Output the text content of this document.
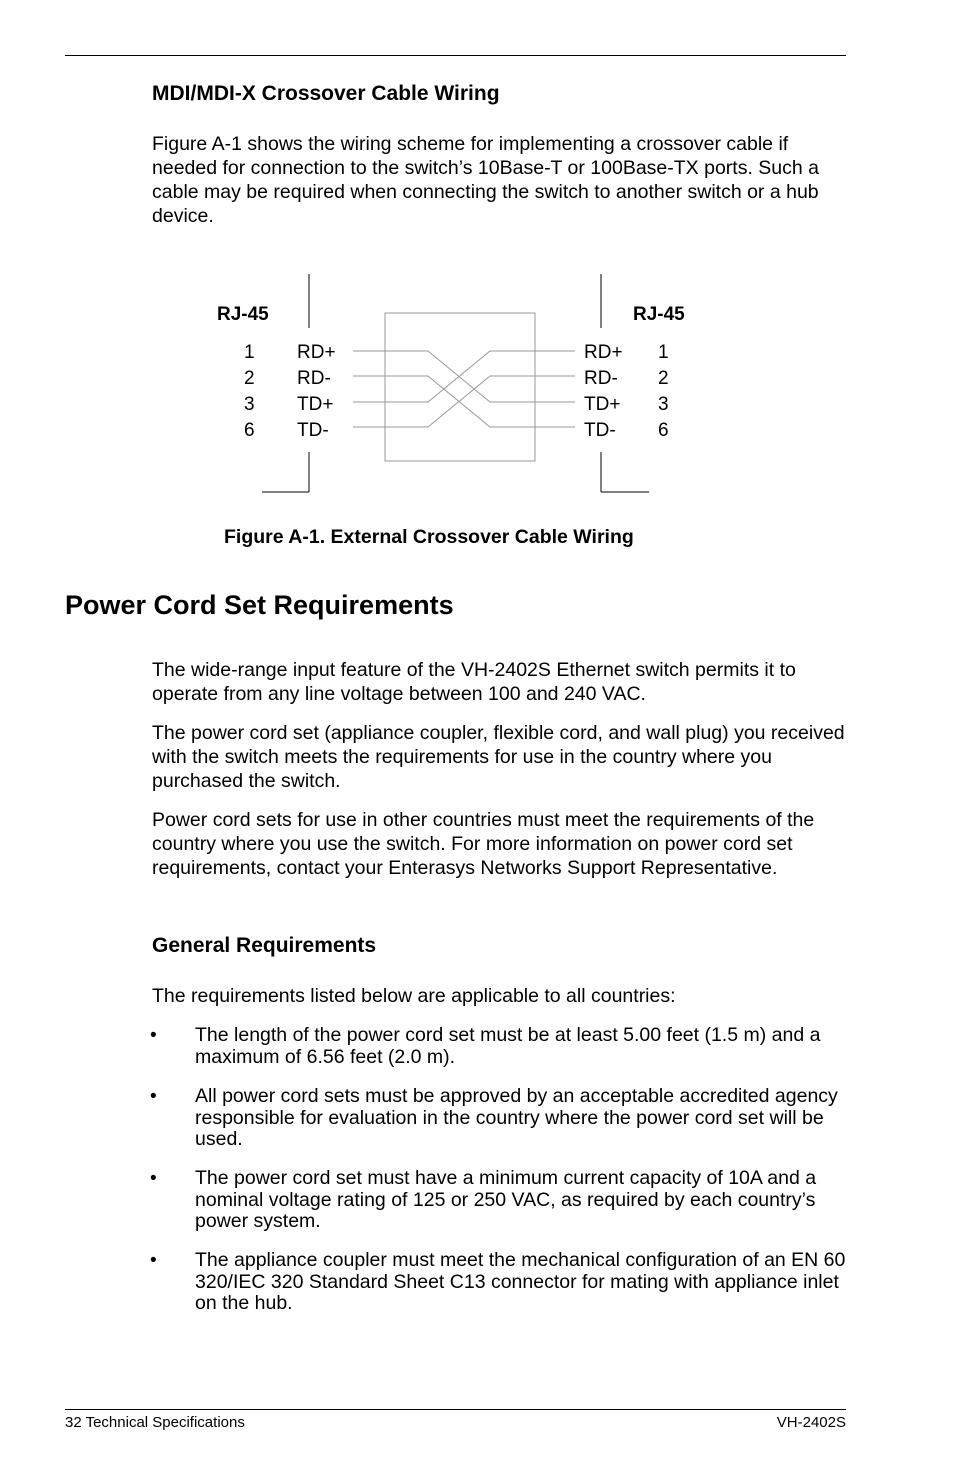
MDI/MDI-X Crossover Cable Wiring

Figure A-1 shows the wiring scheme for implementing a crossover cable if needed for connection to the switch’s 10Base-T or 100Base-TX ports. Such a cable may be required when connecting the switch to another switch or a hub device.

RJ-45	RJ-45
1
2
3
6
RD+
RD-
TD+
TD-
RD+
RD-
TD+
TD-
1
2
3
6
Figure A-1. External Crossover Cable Wiring
Power Cord Set Requirements

The wide-range input feature of the VH-2402S Ethernet switch permits it to operate from any line voltage between 100 and 240 VAC.

The power cord set (appliance coupler, flexible cord, and wall plug) you received with the switch meets the requirements for use in the country where you purchased the switch.

Power cord sets for use in other countries must meet the requirements of the country where you use the switch. For more information on power cord set requirements, contact your Enterasys Networks Support Representative.

General Requirements

The requirements listed below are applicable to all countries:

• The length of the power cord set must be at least 5.00 feet (1.5 m) and a maximum of 6.56 feet (2.0 m).
• All power cord sets must be approved by an acceptable accredited agency responsible for evaluation in the country where the power cord set will be used.
• The power cord set must have a minimum current capacity of 10A and a nominal voltage rating of 125 or 250 VAC, as required by each country’s power system.
• The appliance coupler must meet the mechanical configuration of an EN 60 320/IEC 320 Standard Sheet C13 connector for mating with appliance inlet on the hub.
32 Technical Specifications	VH-2402S
